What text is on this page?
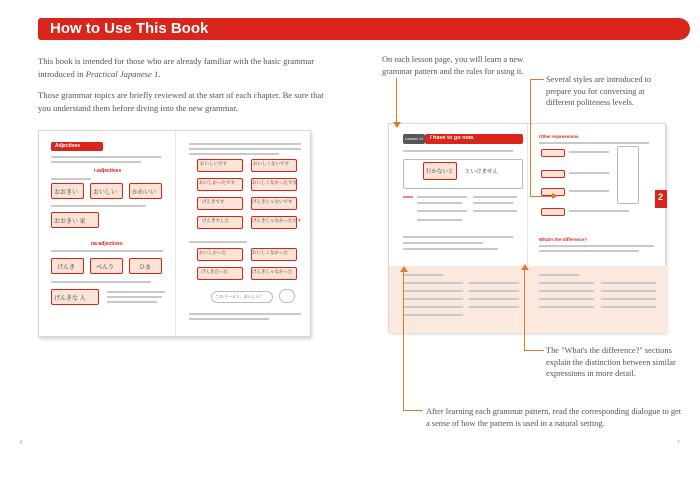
How to Use This Book

This book is intended for those who are already familiar with the basic grammar introduced in Practical Japanese 1.

Those grammar topics are briefly reviewed at the start of each chapter. Be sure that you understand them before diving into the new grammar.

Adjectives
i-adjectives
おおきい おいしい かわいい
おおきい 家
na-adjectives
げんき	べんり	ひま
げんきな 人
おいしいです	おいしくないです
おいしかったです	おいしくなかったです
げんきです	げんきじゃないです
げんきでした	げんきじゃなかったです
おいしかった	おいしくなかった
げんきだった	げんきじゃなかった
この ラーメン、おいしい！
Lesson 11 I have to go now.
行かないと といけません
Other expressions
2
What's the difference?

On each lesson page, you will learn a new grammar pattern and the rules for using it.

Several styles are introduced to prepare you for conversing at different politeness levels.

The "What's the difference?" sections explain the distinction between similar expressions in more detail.

After learning each grammar pattern, read the corresponding dialogue to get a sense of how the pattern is used in a natural setting.

6	7
